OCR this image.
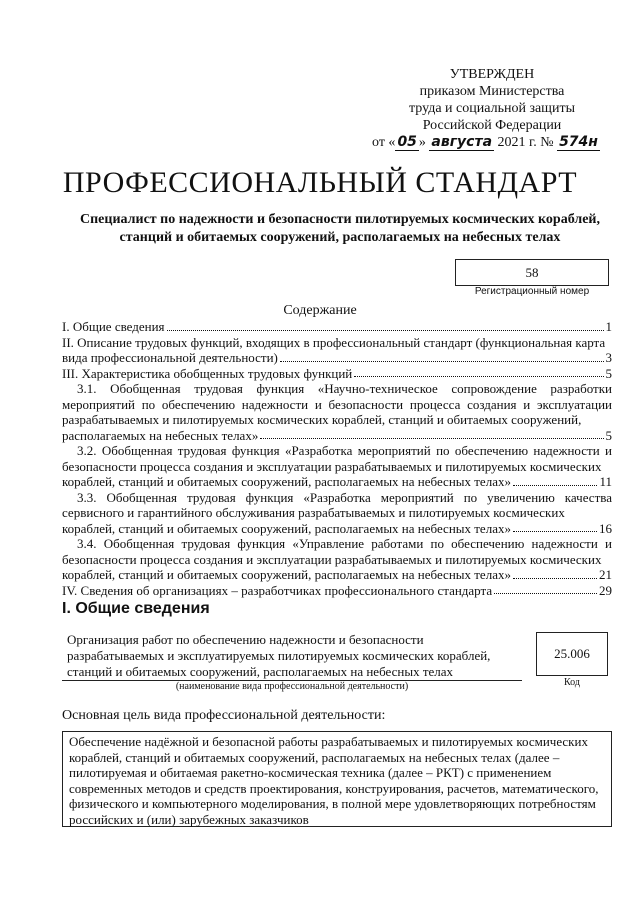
УТВЕРЖДЕН
приказом Министерства
труда и социальной защиты
Российской Федерации
от « 05 » августа 2021 г. № 574н
ПРОФЕССИОНАЛЬНЫЙ СТАНДАРТ
Специалист по надежности и безопасности пилотируемых космических кораблей, станций и обитаемых сооружений, располагаемых на небесных телах
58
Регистрационный номер
Содержание
I. Общие сведения	1
II. Описание трудовых функций, входящих в профессиональный стандарт (функциональная карта
вида профессиональной деятельности)	3
III. Характеристика обобщенных трудовых функций	5
3.1. Обобщенная трудовая функция «Научно-техническое сопровождение разработки мероприятий по обеспечению надежности и безопасности процесса создания и эксплуатации разрабатываемых и пилотируемых космических кораблей, станций и обитаемых сооружений,
располагаемых на небесных телах»	5
3.2. Обобщенная трудовая функция «Разработка мероприятий по обеспечению надежности и безопасности процесса создания и эксплуатации разрабатываемых и пилотируемых космических
кораблей, станций и обитаемых сооружений, располагаемых на небесных телах»	11
3.3. Обобщенная трудовая функция «Разработка мероприятий по увеличению качества сервисного и гарантийного обслуживания разрабатываемых и пилотируемых космических
кораблей, станций и обитаемых сооружений, располагаемых на небесных телах»	16
3.4. Обобщенная трудовая функция «Управление работами по обеспечению надежности и безопасности процесса создания и эксплуатации разрабатываемых и пилотируемых космических
кораблей, станций и обитаемых сооружений, располагаемых на небесных телах»	21
IV. Сведения об организациях – разработчиках профессионального стандарта	29
I. Общие сведения
Организация работ по обеспечению надежности и безопасности разрабатываемых и эксплуатируемых пилотируемых космических кораблей, станций и обитаемых сооружений, располагаемых на небесных телах
(наименование вида профессиональной деятельности)
25.006
Код
Основная цель вида профессиональной деятельности:
Обеспечение надёжной и безопасной работы разрабатываемых и пилотируемых космических кораблей, станций и обитаемых сооружений, располагаемых на небесных телах (далее – пилотируемая и обитаемая ракетно-космическая техника (далее – РКТ) с применением современных методов и средств проектирования, конструирования, расчетов, математического, физического и компьютерного моделирования, в полной мере удовлетворяющих потребностям российских и (или) зарубежных заказчиков
